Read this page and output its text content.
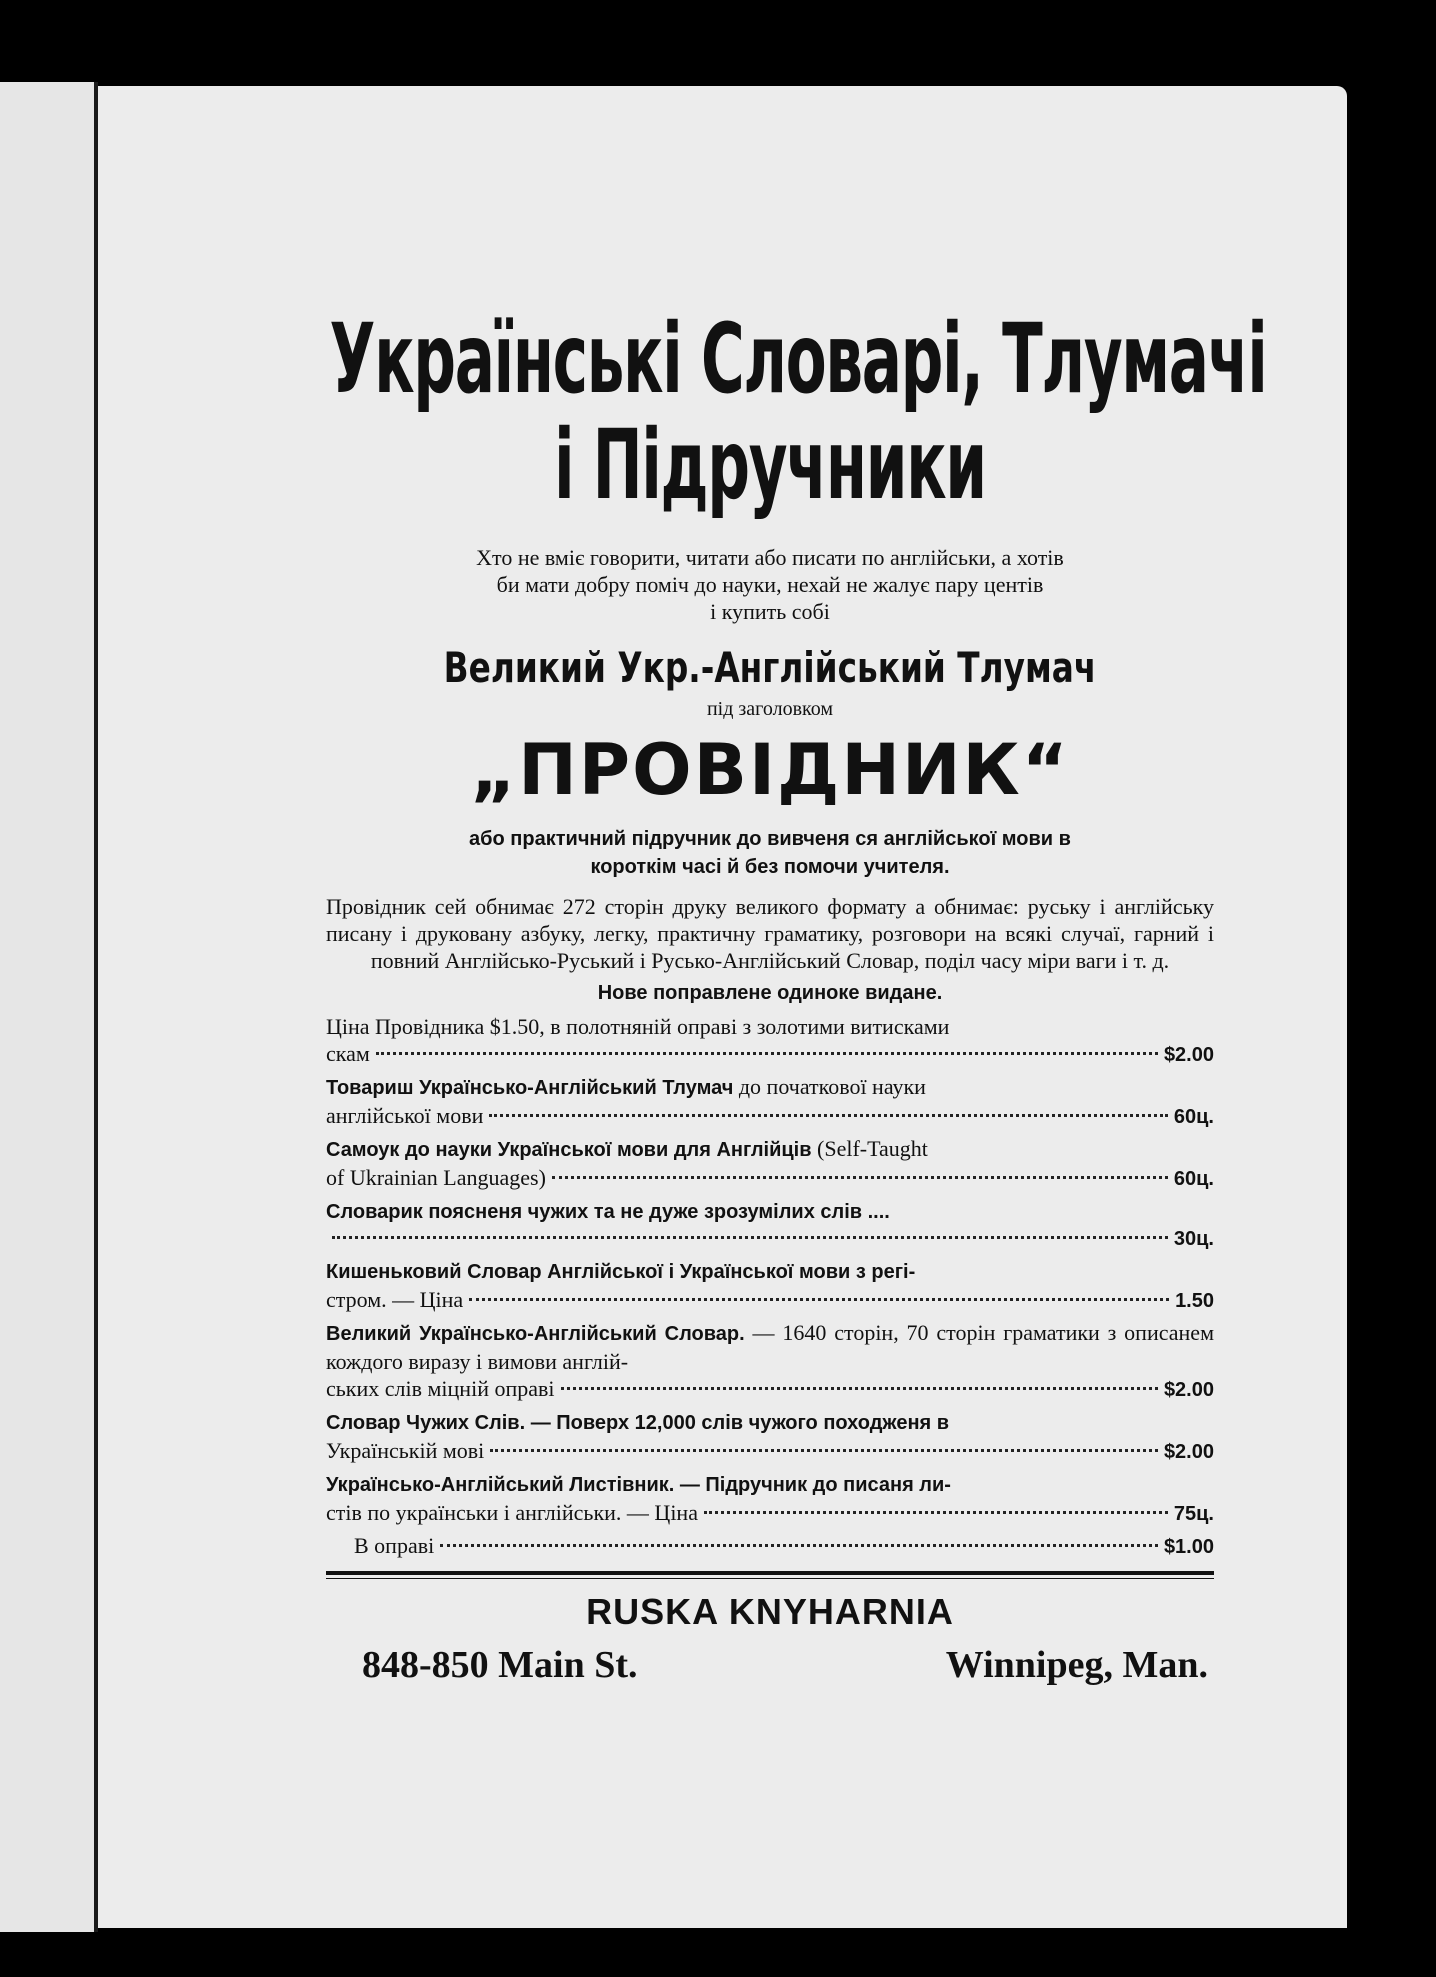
Українські Словарі, Тлумачі
і Підручники
Хто не вміє говорити, читати або писати по англійськи, а хотів
би мати добру поміч до науки, нехай не жалує пару центів
і купить собі
Великий Укр.-Англійський Тлумач
під заголовком
„ПРОВІДНИК“
або практичний підручник до вивченя ся англійської мови в
короткім часі й без помочи учителя.
Провідник сей обнимає 272 сторін друку великого формату а обнимає: руську і англійську писану і друковану азбуку, легку, практичну граматику, розговори на всякі случаї, гарний і повний Англійсько-Руський і Русько-Англійський Словар, поділ часу міри ваги і т. д.
Нове поправлене одиноке видане.
Ціна Провідника $1.50, в полотняній оправі з золотими витисками
скам	$2.00
Товариш Українсько-Англійський Тлумач до початкової науки
англійської мови	60ц.
Самоук до науки Української мови для Англійців (Self-Taught
of Ukrainian Languages)	60ц.
Словарик поясненя чужих та не дуже зрозумілих слів ....
30ц.
Кишеньковий Словар Англійської і Української мови з регі-
стром. — Ціна	1.50
Великий Українсько-Англійський Словар. — 1640 сторін, 70 сторін граматики з описанем кождого виразу і вимови англій-
ських слів міцній оправі	$2.00
Словар Чужих Слів. — Поверх 12,000 слів чужого походженя в
Українській мові	$2.00
Українсько-Англійський Листівник. — Підручник до писаня ли-
стів по українськи і англійськи. — Ціна	75ц.
В оправі	$1.00
RUSKA KNYHARNIA
848-850 Main St.	Winnipeg, Man.
